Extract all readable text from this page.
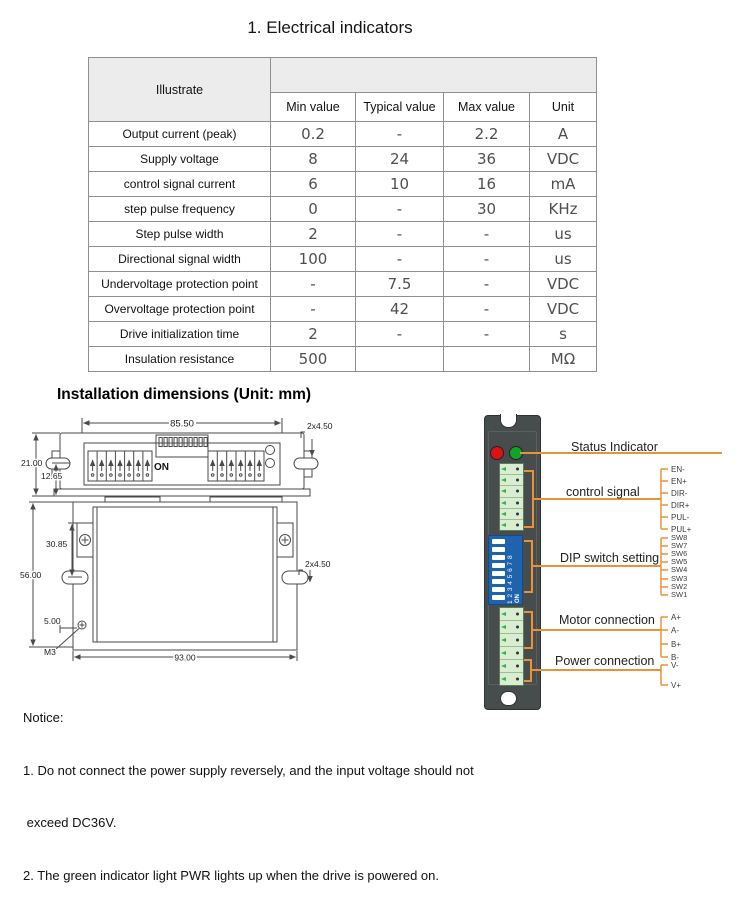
1. Electrical indicators
Illustrate				
	Min value	Typical value	Max value	Unit
Output current (peak)	0.2	-	2.2	A
Supply voltage	8	24	36	VDC
control signal current	6	10	16	mA
step pulse frequency	0	-	30	KHz
Step pulse width	2	-	-	us
Directional signal width	100	-	-	us
Undervoltage protection point	-	7.5	-	VDC
Overvoltage protection point	-	42	-	VDC
Drive initialization time	2	-	-	s
Insulation resistance	500			MΩ
Installation dimensions (Unit: mm)
85.50
ON
2x4.50
21.00
12.65
30.85
56.00
2x4.50
5.00
M3
93.00
1 2 3 4 5 6 7 8 ON
Status Indicator
control signal
DIP switch setting
Motor connection
Power connection
EN-
EN+
DIR-
DIR+
PUL-
PUL+
SW8
SW7
SW6
SW5
SW4
SW3
SW2
SW1
A+
A-
B+
B-
V-
V+

Notice:

1. Do not connect the power supply reversely, and the input voltage should not

exceed DC36V.

2. The green indicator light PWR lights up when the drive is powered on.
